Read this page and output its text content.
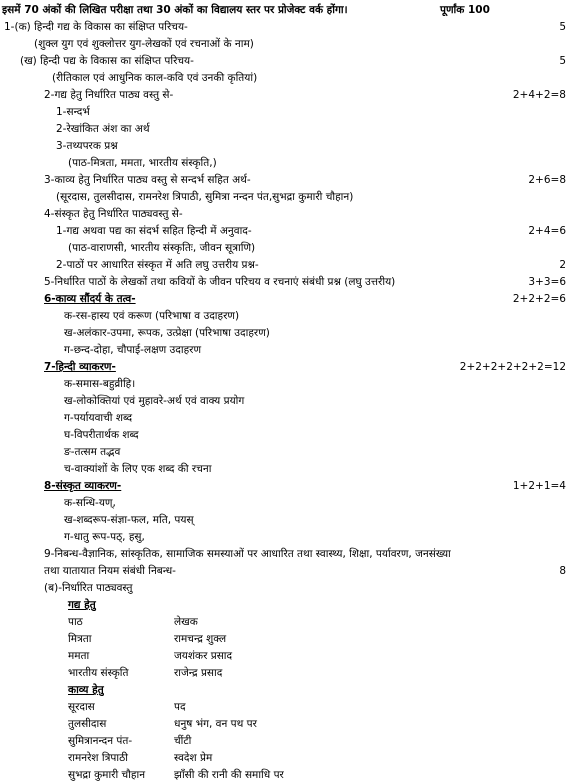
इसमें 70 अंकों की लिखित परीक्षा तथा 30 अंकों का विद्यालय स्तर पर प्रोजेक्ट वर्क होंगा।	पूर्णांक 100
1-(क) हिन्दी गद्य के विकास का संक्षिप्त परिचय-	5
(शुक्ल युग एवं शुक्लोत्तर युग-लेखकों एवं रचनाओं के नाम)
(ख) हिन्दी पद्य के विकास का संक्षिप्त परिचय-	5
(रीतिकाल एवं आधुनिक काल-कवि एवं उनकी कृतियां)
2-गद्य हेतु निर्धारित पाठ्य वस्तु से-	2+4+2=8
1-सन्दर्भ
2-रेखांकित अंश का अर्थ
3-तथ्यपरक प्रश्न
(पाठ-मित्रता, ममता, भारतीय संस्कृति,)
3-काव्य हेतु निर्धारित पाठ्य वस्तु से सन्दर्भ सहित अर्थ-	2+6=8
(सूरदास, तुलसीदास, रामनरेश त्रिपाठी, सुमित्रा नन्दन पंत,सुभद्रा कुमारी चौहान)
4-संस्कृत हेतु निर्धारित पाठ्यवस्तु से-
1-गद्य अथवा पद्य का संदर्भ सहित हिन्दी में अनुवाद-	2+4=6
(पाठ-वाराणसी, भारतीय संस्कृतिः, जीवन सूत्राणि)
2-पाठों पर आधारित संस्कृत में अति लघु उत्तरीय प्रश्न-	2
5-निर्धारित पाठों के लेखकों तथा कवियों के जीवन परिचय व रचनाएं संबंधी प्रश्न (लघु उत्तरीय)	3+3=6
6-काव्य सौंदर्य के तत्व-	2+2+2=6
क-रस-हास्य एवं करूण (परिभाषा व उदाहरण)
ख-अलंकार-उपमा, रूपक, उत्प्रेक्षा (परिभाषा उदाहरण)
ग-छन्द-दोहा, चौपाई-लक्षण उदाहरण
7-हिन्दी व्याकरण-	2+2+2+2+2+2=12
क-समास-बहुव्रीहि।
ख-लोकोक्तियां एवं मुहावरे-अर्थ एवं वाक्य प्रयोग
ग-पर्यायवाची शब्द
घ-विपरीतार्थक शब्द
ङ-तत्सम तद्भव
च-वाक्यांशों के लिए एक शब्द की रचना
8-संस्कृत व्याकरण-	1+2+1=4
क-सन्धि-यण्,
ख-शब्दरूप-संज्ञा-फल, मति, पयस्
ग-धातु रूप-पठ्, हसु,
9-निबन्ध-वैज्ञानिक, सांस्कृतिक, सामाजिक समस्याओं पर आधारित तथा स्वास्थ्य, शिक्षा, पर्यावरण, जनसंख्या
तथा यातायात नियम संबंधी निबन्ध-	8
(ब)-निर्धारित पाठ्यवस्तु
गद्य हेतु
पाठ	लेखक
मित्रता	रामचन्द्र शुक्ल
ममता	जयशंकर प्रसाद
भारतीय संस्कृति	राजेन्द्र प्रसाद
काव्य हेतु
सूरदास	पद
तुलसीदास	धनुष भंग, वन पथ पर
सुमित्रानन्दन पंत-	चींटी
रामनरेश त्रिपाठी	स्वदेश प्रेम
सुभद्रा कुमारी चौहान	झाँसी की रानी की समाधि पर
